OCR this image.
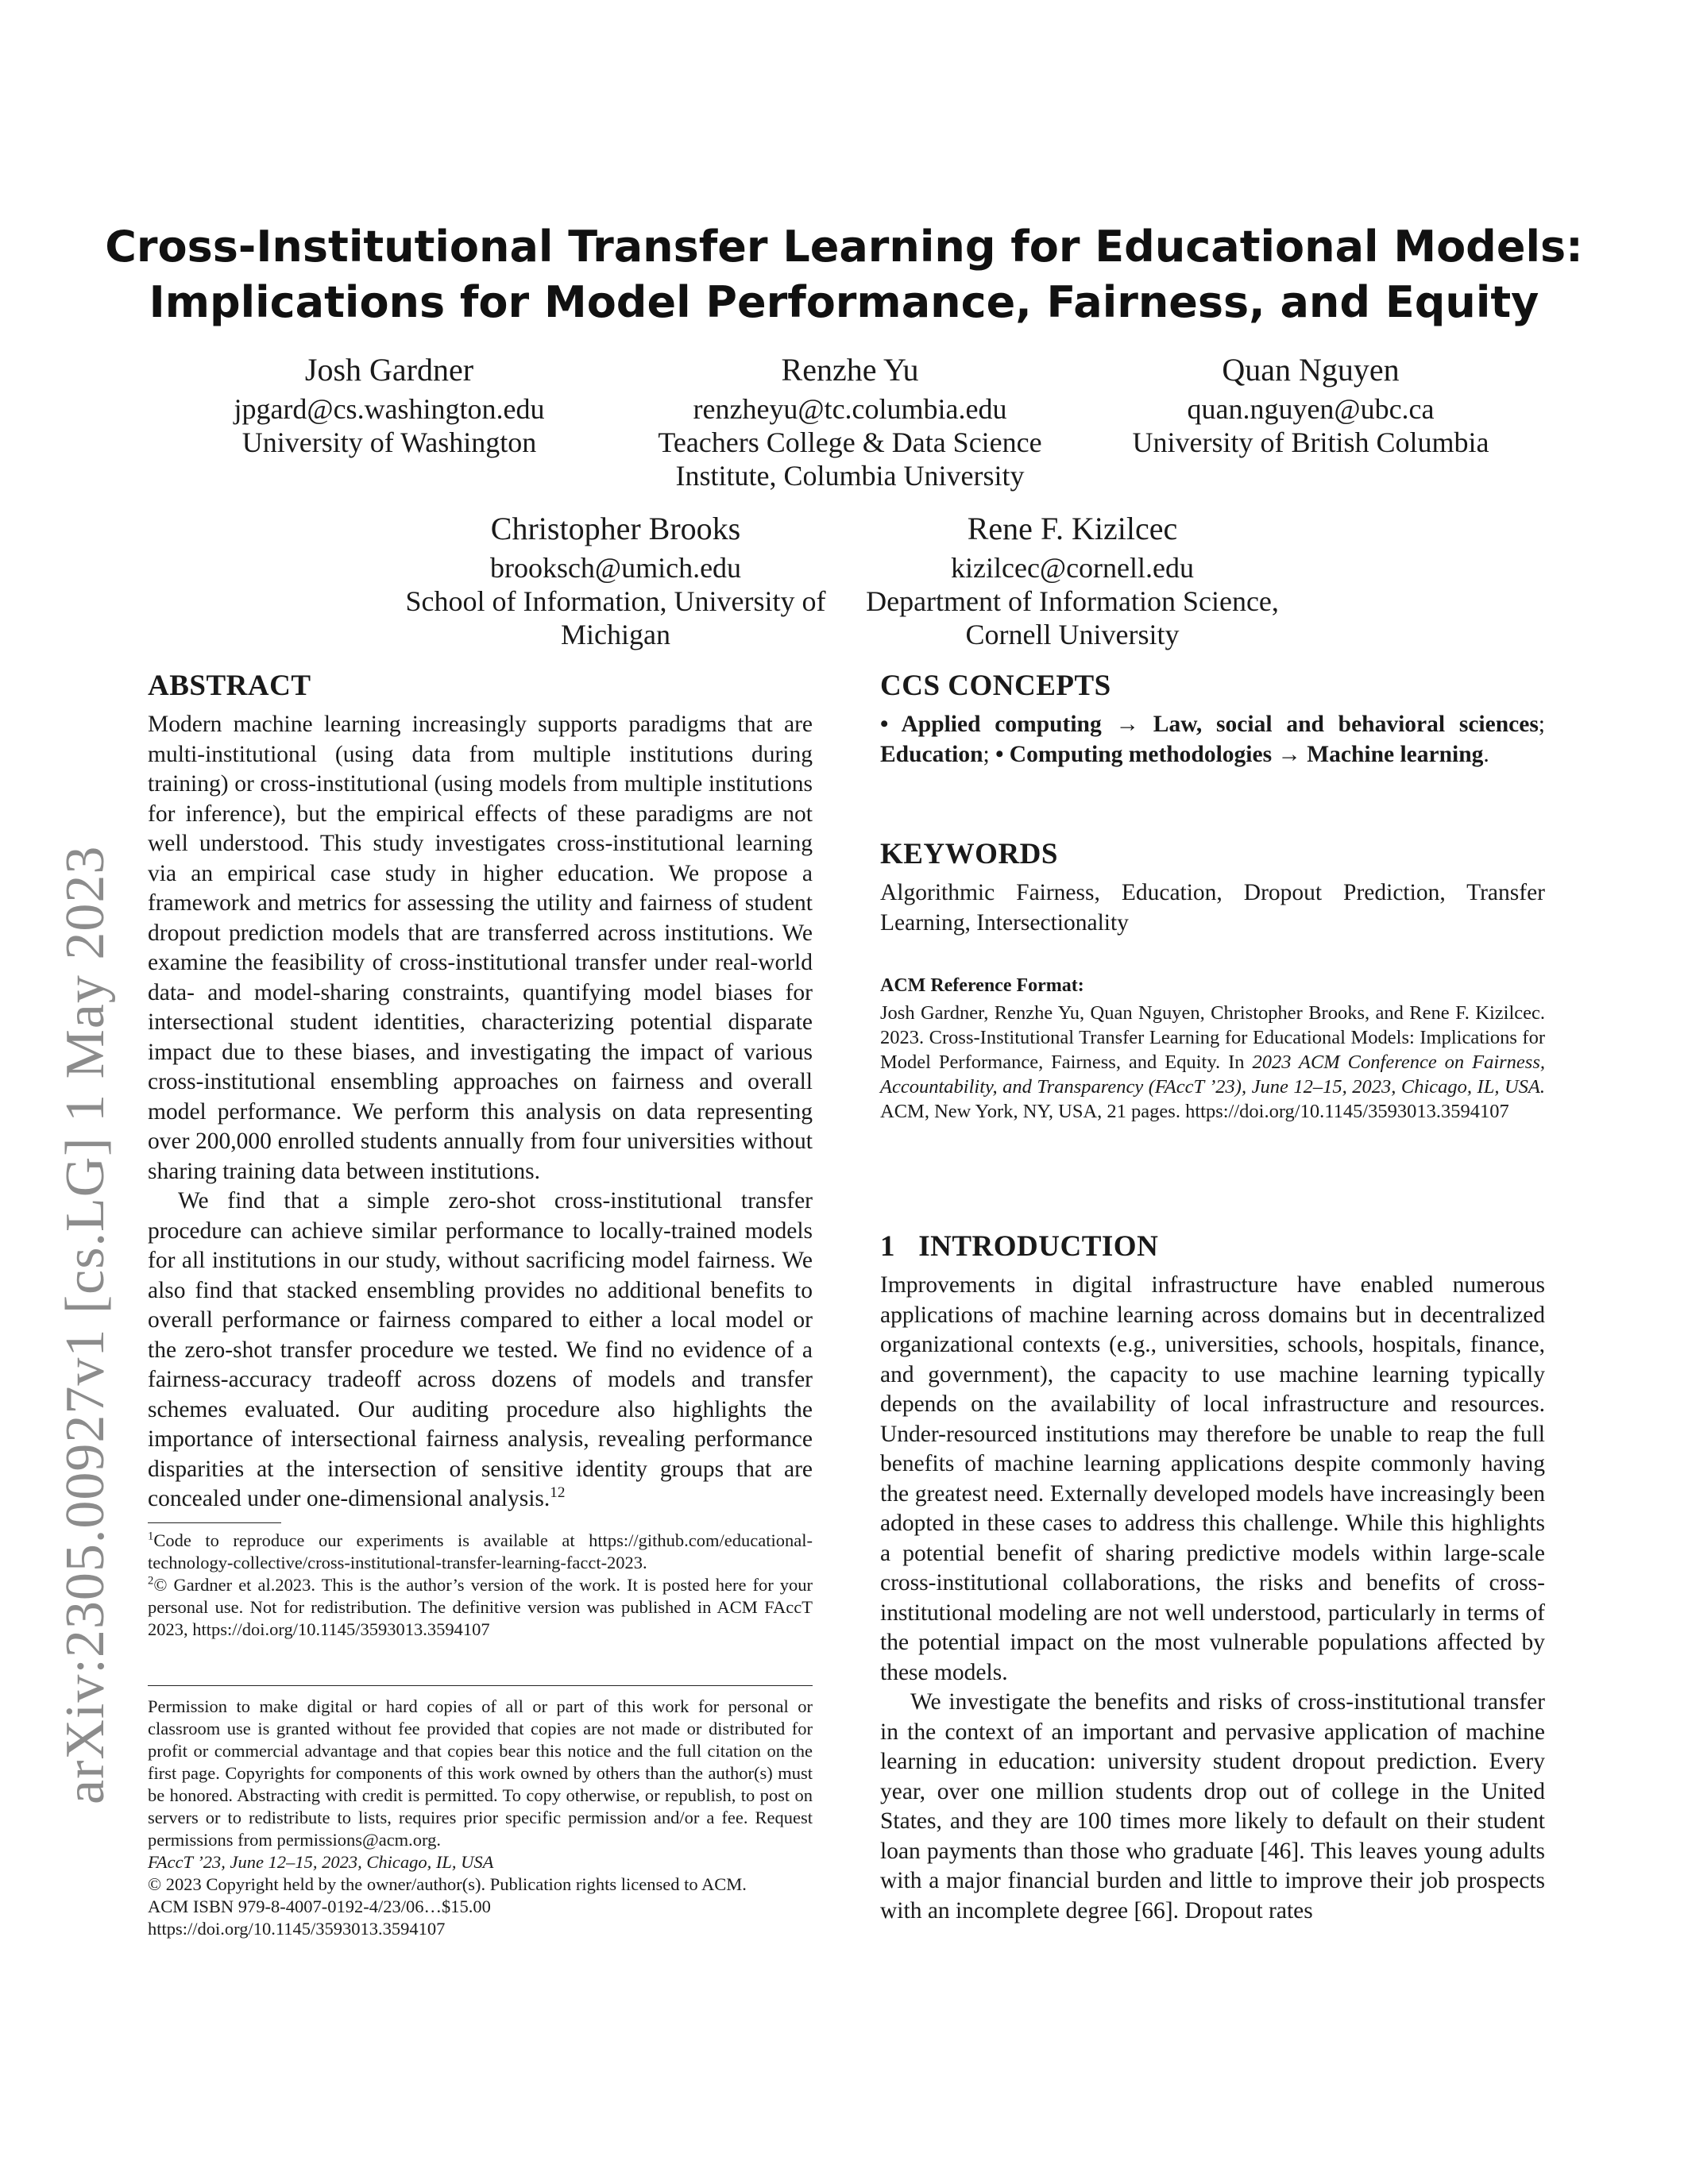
arXiv:2305.00927v1 [cs.LG] 1 May 2023
Cross-Institutional Transfer Learning for Educational Models:
Implications for Model Performance, Fairness, and Equity
Josh Gardner
jpgard@cs.washington.edu
University of Washington
Renzhe Yu
renzheyu@tc.columbia.edu
Teachers College & Data Science
Institute, Columbia University
Quan Nguyen
quan.nguyen@ubc.ca
University of British Columbia
Christopher Brooks
brooksch@umich.edu
School of Information, University of
Michigan
Rene F. Kizilcec
kizilcec@cornell.edu
Department of Information Science,
Cornell University
ABSTRACT

Modern machine learning increasingly supports paradigms that are multi-institutional (using data from multiple institutions during training) or cross-institutional (using models from multiple institutions for inference), but the empirical effects of these paradigms are not well understood. This study investigates cross-institutional learning via an empirical case study in higher education. We propose a framework and metrics for assessing the utility and fairness of student dropout prediction models that are transferred across institutions. We examine the feasibility of cross-institutional transfer under real-world data- and model-sharing constraints, quantifying model biases for intersectional student identities, characterizing potential disparate impact due to these biases, and investigating the impact of various cross-institutional ensembling approaches on fairness and overall model performance. We perform this analysis on data representing over 200,000 enrolled students annually from four universities without sharing training data between institutions.

We find that a simple zero-shot cross-institutional transfer procedure can achieve similar performance to locally-trained models for all institutions in our study, without sacrificing model fairness. We also find that stacked ensembling provides no additional benefits to overall performance or fairness compared to either a local model or the zero-shot transfer procedure we tested. We find no evidence of a fairness-accuracy tradeoff across dozens of models and transfer schemes evaluated. Our auditing procedure also highlights the importance of intersectional fairness analysis, revealing performance disparities at the intersection of sensitive identity groups that are concealed under one-dimensional analysis.$^{12}$

$^1$Code to reproduce our experiments is available at https://github.com/educational-technology-collective/cross-institutional-transfer-learning-facct-2023.

$^2$© Gardner et al.2023. This is the author’s version of the work. It is posted here for your personal use. Not for redistribution. The definitive version was published in ACM FAccT 2023, https://doi.org/10.1145/3593013.3594107

Permission to make digital or hard copies of all or part of this work for personal or classroom use is granted without fee provided that copies are not made or distributed for profit or commercial advantage and that copies bear this notice and the full citation on the first page. Copyrights for components of this work owned by others than the author(s) must be honored. Abstracting with credit is permitted. To copy otherwise, or republish, to post on servers or to redistribute to lists, requires prior specific permission and/or a fee. Request permissions from permissions@acm.org.

FAccT ’23, June 12–15, 2023, Chicago, IL, USA

© 2023 Copyright held by the owner/author(s). Publication rights licensed to ACM.

ACM ISBN 979-8-4007-0192-4/23/06…$15.00

https://doi.org/10.1145/3593013.3594107

CCS CONCEPTS

• Applied computing → Law, social and behavioral sciences; Education; • Computing methodologies → Machine learning.

KEYWORDS

Algorithmic Fairness, Education, Dropout Prediction, Transfer Learning, Intersectionality

ACM Reference Format:

Josh Gardner, Renzhe Yu, Quan Nguyen, Christopher Brooks, and Rene F. Kizilcec. 2023. Cross-Institutional Transfer Learning for Educational Models: Implications for Model Performance, Fairness, and Equity. In 2023 ACM Conference on Fairness, Accountability, and Transparency (FAccT ’23), June 12–15, 2023, Chicago, IL, USA. ACM, New York, NY, USA, 21 pages. https://doi.org/10.1145/3593013.3594107

1   INTRODUCTION

Improvements in digital infrastructure have enabled numerous applications of machine learning across domains but in decentralized organizational contexts (e.g., universities, schools, hospitals, finance, and government), the capacity to use machine learning typically depends on the availability of local infrastructure and resources. Under-resourced institutions may therefore be unable to reap the full benefits of machine learning applications despite commonly having the greatest need. Externally developed models have increasingly been adopted in these cases to address this challenge. While this highlights a potential benefit of sharing predictive models within large-scale cross-institutional collaborations, the risks and benefits of cross-institutional modeling are not well understood, particularly in terms of the potential impact on the most vulnerable populations affected by these models.

We investigate the benefits and risks of cross-institutional transfer in the context of an important and pervasive application of machine learning in education: university student dropout prediction. Every year, over one million students drop out of college in the United States, and they are 100 times more likely to default on their student loan payments than those who graduate [46]. This leaves young adults with a major financial burden and little to improve their job prospects with an incomplete degree [66]. Dropout rates
